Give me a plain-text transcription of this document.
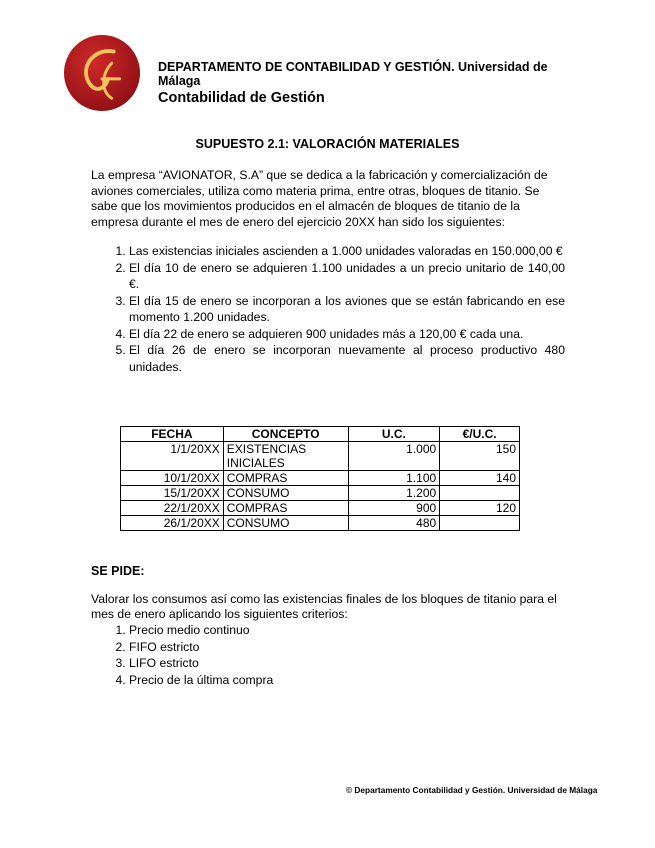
DEPARTAMENTO DE CONTABILIDAD Y GESTIÓN. Universidad de Málaga
Contabilidad de Gestión
SUPUESTO 2.1: VALORACIÓN MATERIALES
La empresa “AVIONATOR, S.A” que se dedica a la fabricación y comercialización de aviones comerciales, utiliza como materia prima, entre otras, bloques de titanio. Se sabe que los movimientos producidos en el almacén de bloques de titanio de la empresa durante el mes de enero del ejercicio 20XX han sido los siguientes:
1. Las existencias iniciales ascienden a 1.000 unidades valoradas en 150.000,00 €
2. El día 10 de enero se adquieren 1.100 unidades a un precio unitario de 140,00 €.
3. El día 15 de enero se incorporan a los aviones que se están fabricando en ese momento 1.200 unidades.
4. El día 22 de enero se adquieren 900 unidades más a 120,00 € cada una.
5. El día 26 de enero se incorporan nuevamente al proceso productivo 480 unidades.
FECHA	CONCEPTO	U.C.	€/U.C.
1/1/20XX	EXISTENCIAS INICIALES	1.000	150
10/1/20XX	COMPRAS	1.100	140
15/1/20XX	CONSUMO	1.200	
22/1/20XX	COMPRAS	900	120
26/1/20XX	CONSUMO	480	
SE PIDE:
Valorar los consumos así como las existencias finales de los bloques de titanio para el mes de enero aplicando los siguientes criterios:
1. Precio medio continuo
2. FIFO estricto
3. LIFO estricto
4. Precio de la última compra
© Departamento Contabilidad y Gestión. Universidad de Málaga
